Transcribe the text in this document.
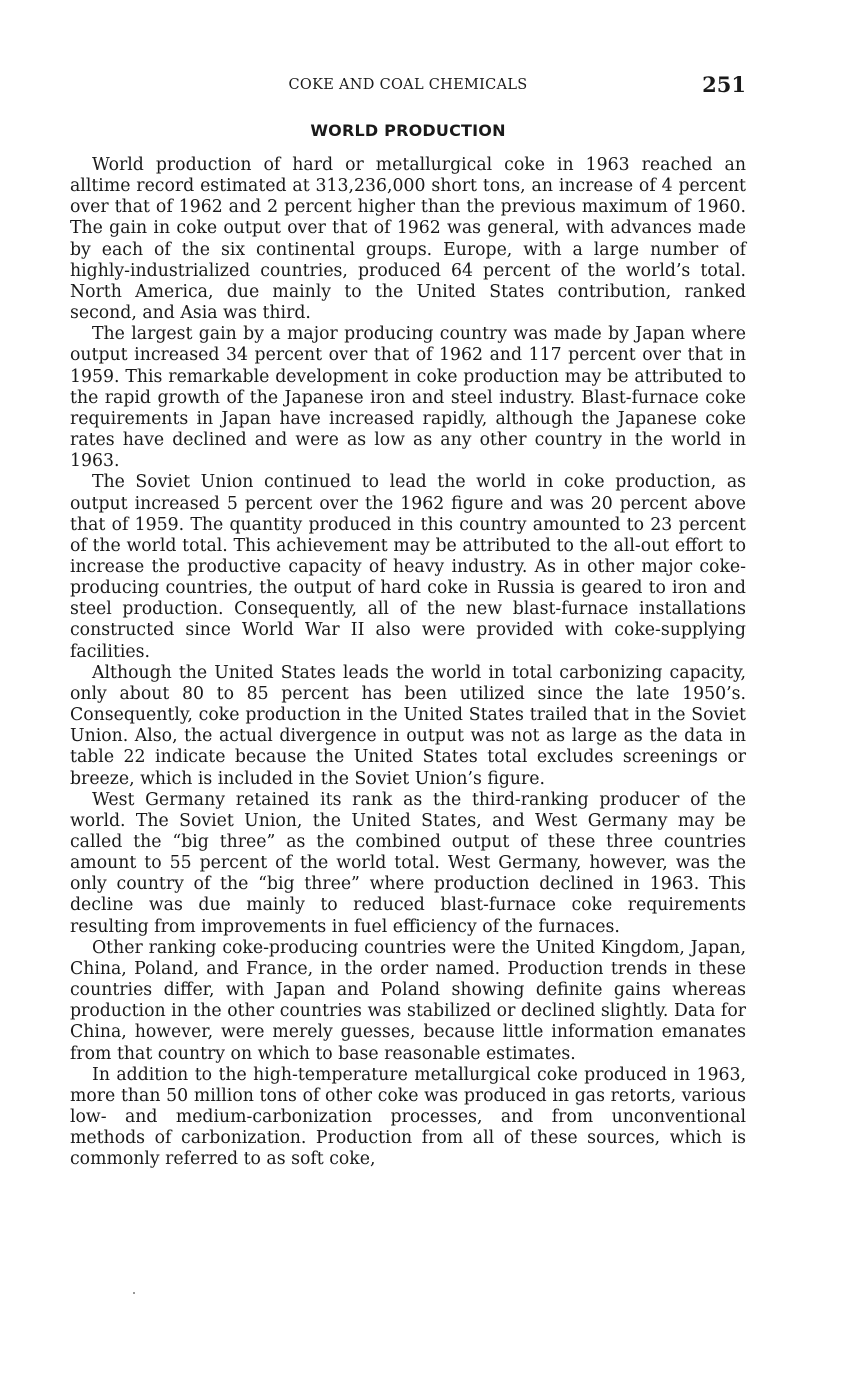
COKE AND COAL CHEMICALS	251
WORLD PRODUCTION

World production of hard or metallurgical coke in 1963 reached an alltime record estimated at 313,236,000 short tons, an increase of 4 percent over that of 1962 and 2 percent higher than the previous maximum of 1960. The gain in coke output over that of 1962 was general, with advances made by each of the six continental groups. Europe, with a large number of highly-industrialized countries, produced 64 percent of the world’s total. North America, due mainly to the United States contribution, ranked second, and Asia was third.

The largest gain by a major producing country was made by Japan where output increased 34 percent over that of 1962 and 117 percent over that in 1959. This remarkable development in coke production may be attributed to the rapid growth of the Japanese iron and steel industry. Blast-furnace coke requirements in Japan have increased rapidly, although the Japanese coke rates have declined and were as low as any other country in the world in 1963.

The Soviet Union continued to lead the world in coke production, as output increased 5 percent over the 1962 figure and was 20 percent above that of 1959. The quantity produced in this country amounted to 23 percent of the world total. This achievement may be attributed to the all-out effort to increase the productive capacity of heavy industry. As in other major coke-producing countries, the output of hard coke in Russia is geared to iron and steel production. Consequently, all of the new blast-furnace installations constructed since World War II also were provided with coke-supplying facilities.

Although the United States leads the world in total carbonizing capacity, only about 80 to 85 percent has been utilized since the late 1950’s. Consequently, coke production in the United States trailed that in the Soviet Union. Also, the actual divergence in output was not as large as the data in table 22 indicate because the United States total excludes screenings or breeze, which is included in the Soviet Union’s figure.

West Germany retained its rank as the third-ranking producer of the world. The Soviet Union, the United States, and West Germany may be called the “big three” as the combined output of these three countries amount to 55 percent of the world total. West Germany, however, was the only country of the “big three” where production declined in 1963. This decline was due mainly to reduced blast-furnace coke requirements resulting from improvements in fuel efficiency of the furnaces.

Other ranking coke-producing countries were the United Kingdom, Japan, China, Poland, and France, in the order named. Production trends in these countries differ, with Japan and Poland showing definite gains whereas production in the other countries was stabilized or declined slightly. Data for China, however, were merely guesses, because little information emanates from that country on which to base reasonable estimates.

In addition to the high-temperature metallurgical coke produced in 1963, more than 50 million tons of other coke was produced in gas retorts, various low- and medium-carbonization processes, and from unconventional methods of carbonization. Production from all of these sources, which is commonly referred to as soft coke,
